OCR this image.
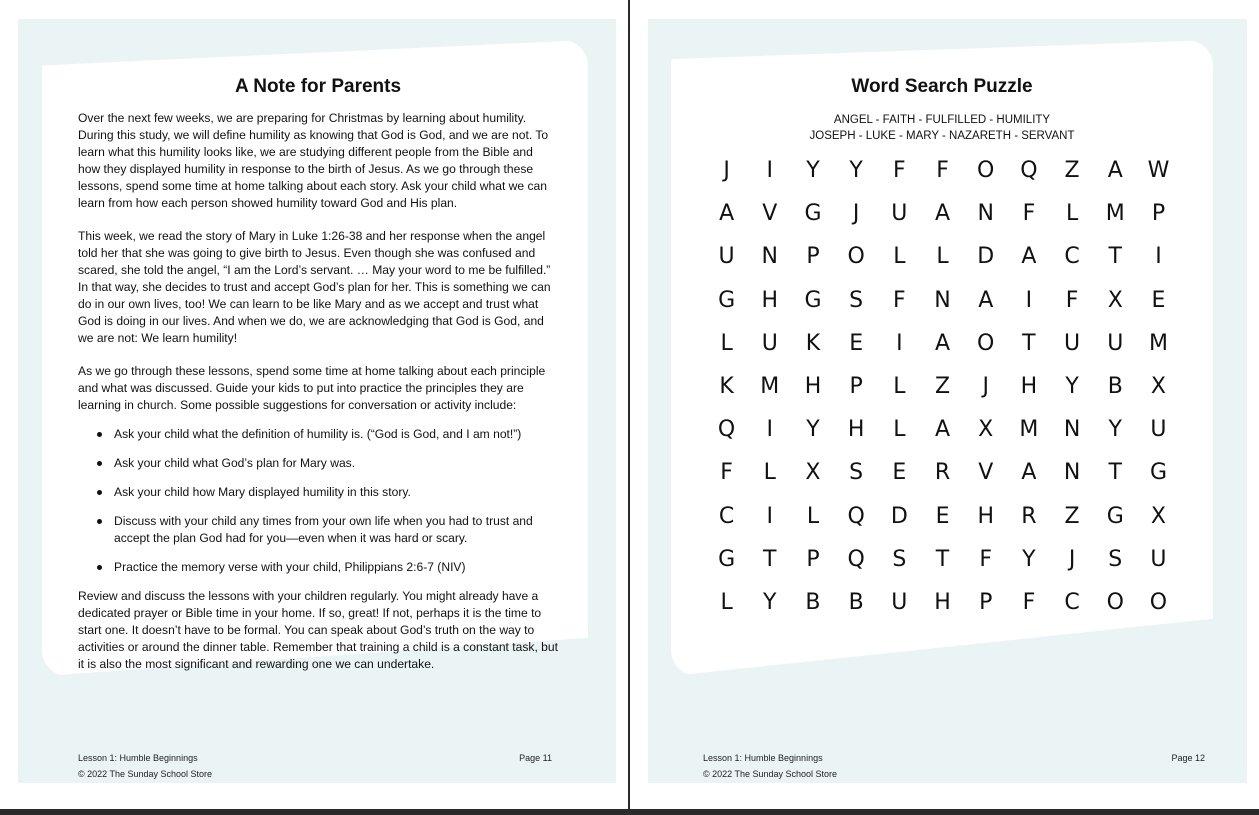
A Note for Parents

Over the next few weeks, we are preparing for Christmas by learning about humility. During this study, we will define humility as knowing that God is God, and we are not. To learn what this humility looks like, we are studying different people from the Bible and how they displayed humility in response to the birth of Jesus. As we go through these lessons, spend some time at home talking about each story. Ask your child what we can learn from how each person showed humility toward God and His plan.

This week, we read the story of Mary in Luke 1:26-38 and her response when the angel told her that she was going to give birth to Jesus. Even though she was confused and scared, she told the angel, “I am the Lord’s servant. … May your word to me be fulfilled.” In that way, she decides to trust and accept God’s plan for her. This is something we can do in our own lives, too! We can learn to be like Mary and as we accept and trust what God is doing in our lives. And when we do, we are acknowledging that God is God, and we are not: We learn humility!

As we go through these lessons, spend some time at home talking about each principle and what was discussed. Guide your kids to put into practice the principles they are learning in church. Some possible suggestions for conversation or activity include:

Ask your child what the definition of humility is. (“God is God, and I am not!”)
Ask your child what God’s plan for Mary was.
Ask your child how Mary displayed humility in this story.
Discuss with your child any times from your own life when you had to trust and accept the plan God had for you—even when it was hard or scary.
Practice the memory verse with your child, Philippians 2:6-7 (NIV)

Review and discuss the lessons with your children regularly. You might already have a dedicated prayer or Bible time in your home. If so, great! If not, perhaps it is the time to start one. It doesn’t have to be formal. You can speak about God’s truth on the way to activities or around the dinner table. Remember that training a child is a constant task, but it is also the most significant and rewarding one we can undertake.

Lesson 1: Humble Beginnings	Page 11
© 2022 The Sunday School Store
Word Search Puzzle
ANGEL - FAITH - FULFILLED - HUMILITY
JOSEPH - LUKE - MARY - NAZARETH - SERVANT
J	I	Y	Y	F	F	O	Q	Z	A	W
A	V	G	J	U	A	N	F	L	M	P
U	N	P	O	L	L	D	A	C	T	I
G	H	G	S	F	N	A	I	F	X	E
L	U	K	E	I	A	O	T	U	U	M
K	M	H	P	L	Z	J	H	Y	B	X
Q	I	Y	H	L	A	X	M	N	Y	U
F	L	X	S	E	R	V	A	N	T	G
C	I	L	Q	D	E	H	R	Z	G	X
G	T	P	Q	S	T	F	Y	J	S	U
L	Y	B	B	U	H	P	F	C	O	O
Lesson 1: Humble Beginnings	Page 12
© 2022 The Sunday School Store
